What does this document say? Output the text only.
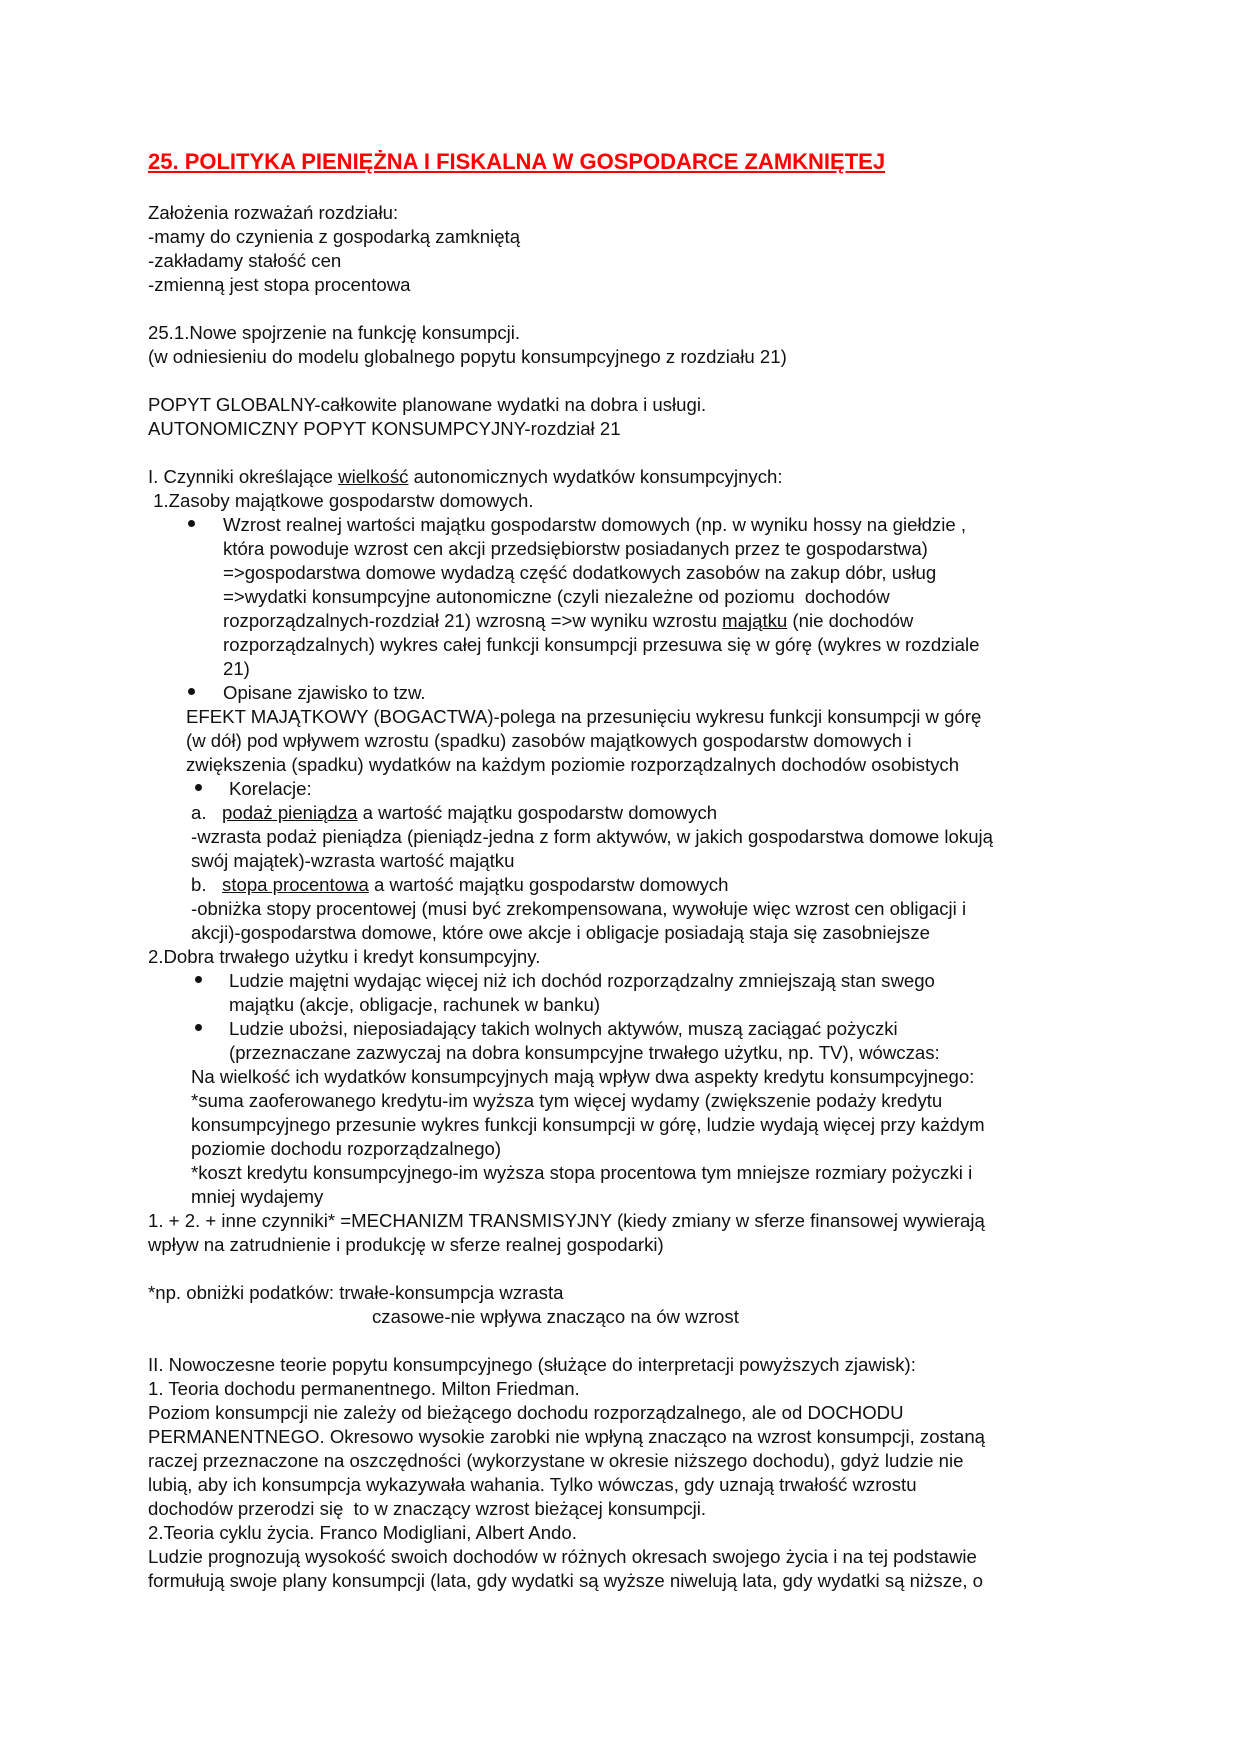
25. POLITYKA PIENIĘŻNA I FISKALNA W GOSPODARCE ZAMKNIĘTEJ
Założenia rozważań rozdziału:
-mamy do czynienia z gospodarką zamkniętą
-zakładamy stałość cen
-zmienną jest stopa procentowa
25.1.Nowe spojrzenie na funkcję konsumpcji.
(w odniesieniu do modelu globalnego popytu konsumpcyjnego z rozdziału 21)
POPYT GLOBALNY-całkowite planowane wydatki na dobra i usługi.
AUTONOMICZNY POPYT KONSUMPCYJNY-rozdział 21
I. Czynniki określające wielkość autonomicznych wydatków konsumpcyjnych:
1.Zasoby majątkowe gospodarstw domowych.
Wzrost realnej wartości majątku gospodarstw domowych (np. w wyniku hossy na giełdzie ,
która powoduje wzrost cen akcji przedsiębiorstw posiadanych przez te gospodarstwa)
=>gospodarstwa domowe wydadzą część dodatkowych zasobów na zakup dóbr, usług
=>wydatki konsumpcyjne autonomiczne (czyli niezależne od poziomu  dochodów
rozporządzalnych-rozdział 21) wzrosną =>w wyniku wzrostu majątku (nie dochodów
rozporządzalnych) wykres całej funkcji konsumpcji przesuwa się w górę (wykres w rozdziale
21)
Opisane zjawisko to tzw.
EFEKT MAJĄTKOWY (BOGACTWA)-polega na przesunięciu wykresu funkcji konsumpcji w górę
(w dół) pod wpływem wzrostu (spadku) zasobów majątkowych gospodarstw domowych i
zwiększenia (spadku) wydatków na każdym poziomie rozporządzalnych dochodów osobistych
Korelacje:
a.   podaż pieniądza a wartość majątku gospodarstw domowych
-wzrasta podaż pieniądza (pieniądz-jedna z form aktywów, w jakich gospodarstwa domowe lokują
swój majątek)-wzrasta wartość majątku
b.   stopa procentowa a wartość majątku gospodarstw domowych
-obniżka stopy procentowej (musi być zrekompensowana, wywołuje więc wzrost cen obligacji i
akcji)-gospodarstwa domowe, które owe akcje i obligacje posiadają staja się zasobniejsze
2.Dobra trwałego użytku i kredyt konsumpcyjny.
Ludzie majętni wydając więcej niż ich dochód rozporządzalny zmniejszają stan swego
majątku (akcje, obligacje, rachunek w banku)
Ludzie ubożsi, nieposiadający takich wolnych aktywów, muszą zaciągać pożyczki
(przeznaczane zazwyczaj na dobra konsumpcyjne trwałego użytku, np. TV), wówczas:
Na wielkość ich wydatków konsumpcyjnych mają wpływ dwa aspekty kredytu konsumpcyjnego:
*suma zaoferowanego kredytu-im wyższa tym więcej wydamy (zwiększenie podaży kredytu
konsumpcyjnego przesunie wykres funkcji konsumpcji w górę, ludzie wydają więcej przy każdym
poziomie dochodu rozporządzalnego)
*koszt kredytu konsumpcyjnego-im wyższa stopa procentowa tym mniejsze rozmiary pożyczki i
mniej wydajemy
1. + 2. + inne czynniki* =MECHANIZM TRANSMISYJNY (kiedy zmiany w sferze finansowej wywierają
wpływ na zatrudnienie i produkcję w sferze realnej gospodarki)
*np. obniżki podatków: trwałe-konsumpcja wzrasta
czasowe-nie wpływa znacząco na ów wzrost
II. Nowoczesne teorie popytu konsumpcyjnego (służące do interpretacji powyższych zjawisk):
1. Teoria dochodu permanentnego. Milton Friedman.
Poziom konsumpcji nie zależy od bieżącego dochodu rozporządzalnego, ale od DOCHODU
PERMANENTNEGO. Okresowo wysokie zarobki nie wpłyną znacząco na wzrost konsumpcji, zostaną
raczej przeznaczone na oszczędności (wykorzystane w okresie niższego dochodu), gdyż ludzie nie
lubią, aby ich konsumpcja wykazywała wahania. Tylko wówczas, gdy uznają trwałość wzrostu
dochodów przerodzi się  to w znaczący wzrost bieżącej konsumpcji.
2.Teoria cyklu życia. Franco Modigliani, Albert Ando.
Ludzie prognozują wysokość swoich dochodów w różnych okresach swojego życia i na tej podstawie
formułują swoje plany konsumpcji (lata, gdy wydatki są wyższe niwelują lata, gdy wydatki są niższe, o
